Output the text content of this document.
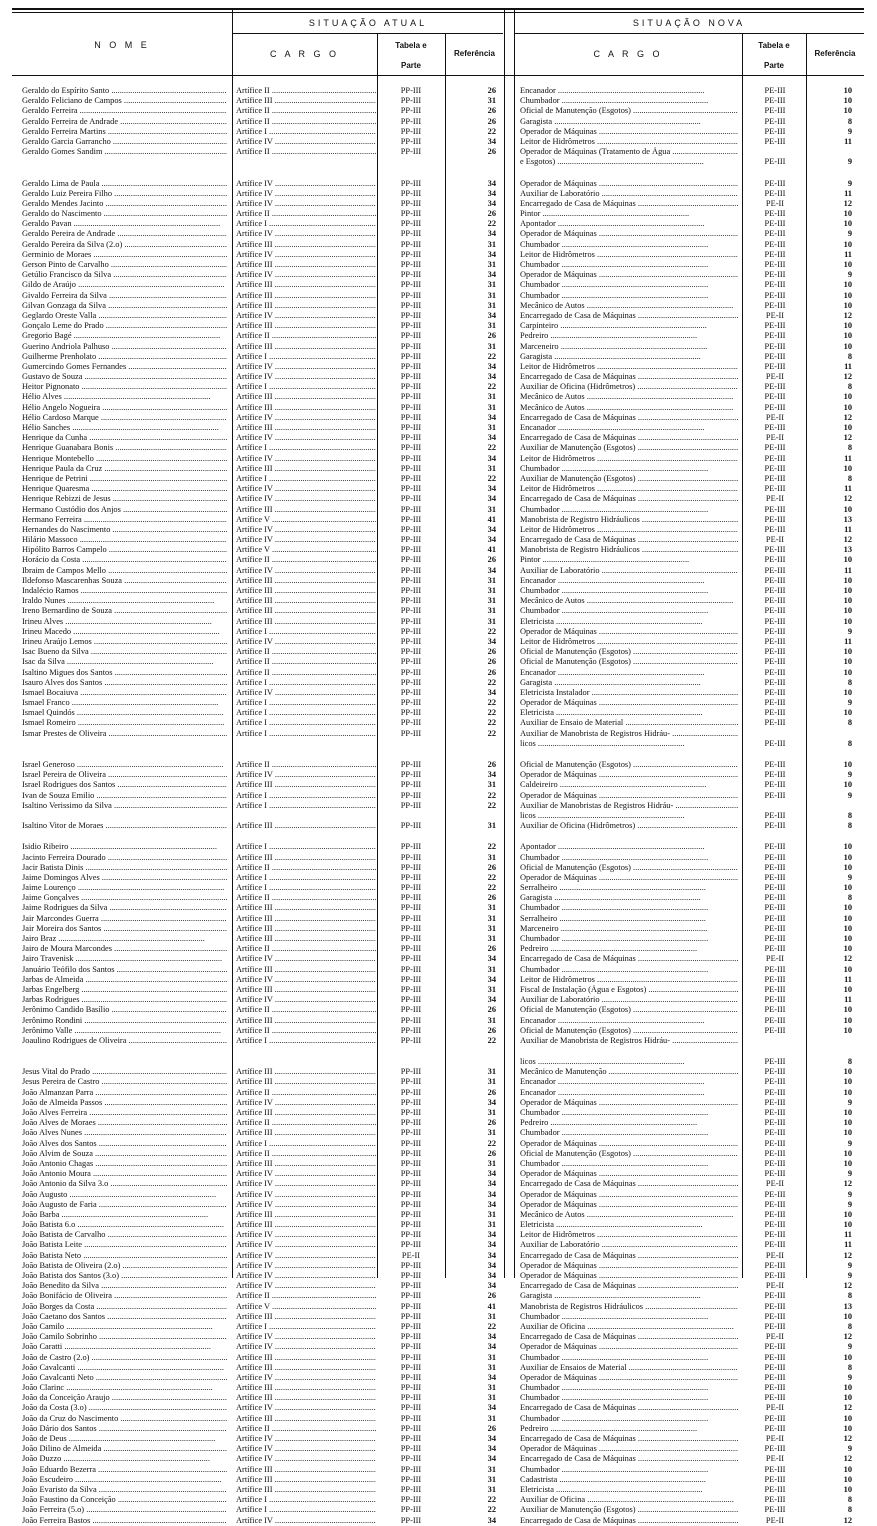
N O M E
SITUAÇÃO ATUAL	SITUAÇÃO NOVA
C A R G O
Tabela e
Parte
Referência	C A R G O
Tabela e
Parte
Referência
Geraldo do Espírito Santo .....	Artífice II .....	PP-III	26	Encanador .....	PE-III	10
Geraldo Feliciano de Campos .....	Artífice III .....	PP-III	31	Chumbador .....	PE-III	10
Geraldo Ferreira .....	Artífice II .....	PP-III	26	Oficial de Manutenção (Esgotos) .....	PE-III	10
Geraldo Ferreira de Andrade .....	Artífice II .....	PP-III	26	Garagista .....	PE-III	8
Geraldo Ferreira Martins .....	Artífice I .....	PP-III	22	Operador de Máquinas .....	PE-III	9
Geraldo Garcia Garrancho .....	Artífice IV .....	PP-III	34	Leitor de Hidrômetros .....	PE-III	11
Geraldo Gomes Sandim .....	Artífice II .....	PP-III	26	Operador de Máquinas (Tratamento de Água .....
e Esgotos) .....	PE-III	9
Geraldo Lima de Paula .....	Artífice IV .....	PP-III	34	Operador de Máquinas .....	PE-III	9
Geraldo Luiz Pereira Filho .....	Artífice IV .....	PP-III	34	Auxiliar de Laboratório .....	PE-III	11
Geraldo Mendes Jacinto .....	Artífice IV .....	PP-III	34	Encarregado de Casa de Máquinas .....	PE-II	12
Geraldo do Nascimento .....	Artífice II .....	PP-III	26	Pintor .....	PE-III	10
Geraldo Pavan .....	Artífice I .....	PP-III	22	Apontador .....	PE-III	10
Geraldo Pereira de Andrade .....	Artífice IV .....	PP-III	34	Operador de Máquinas .....	PE-III	9
Geraldo Pereira da Silva (2.o) .....	Artífice III .....	PP-III	31	Chumbador .....	PE-III	10
Germinio de Moraes .....	Artífice IV .....	PP-III	34	Leitor de Hidrômetros .....	PE-III	11
Gerson Pinto de Carvalho .....	Artífice III .....	PP-III	31	Chumbador .....	PE-III	10
Getúlio Francisco da Silva .....	Artífice IV .....	PP-III	34	Operador de Máquinas .....	PE-III	9
Gildo de Araújo .....	Artífice III .....	PP-III	31	Chumbador .....	PE-III	10
Givaldo Ferreira da Silva .....	Artífice III .....	PP-III	31	Chumbador .....	PE-III	10
Gilvan Gonzaga da Silva .....	Artífice III .....	PP-III	31	Mecânico de Autos .....	PE-III	10
Geglardo Oreste Valla .....	Artífice IV .....	PP-III	34	Encarregado de Casa de Máquinas .....	PE-II	12
Gonçalo Leme do Prado .....	Artífice III .....	PP-III	31	Carpinteiro .....	PE-III	10
Gregorio Bagé .....	Artífice II .....	PP-III	26	Pedreiro .....	PE-III	10
Guerino Andriola Palhuso .....	Artífice III .....	PP-III	31	Marceneiro .....	PE-III	10
Guilherme Prenholato .....	Artífice I .....	PP-III	22	Garagista .....	PE-III	8
Gumercindo Gomes Fernandes .....	Artífice IV .....	PP-III	34	Leitor de Hidrômetros .....	PE-III	11
Gustavo de Souza .....	Artífice IV .....	PP-III	34	Encarregado de Casa de Máquinas .....	PE-II	12
Heitor Pignonato .....	Artífice I .....	PP-III	22	Auxiliar de Oficina (Hidrômetros) .....	PE-III	8
Hélio Alves .....	Artífice III .....	PP-III	31	Mecânico de Autos .....	PE-III	10
Hélio Angelo Nogueira .....	Artífice III .....	PP-III	31	Mecânico de Autos .....	PE-III	10
Hélio Cardoso Marque .....	Artífice IV .....	PP-III	34	Encarregado de Casa de Máquinas .....	PE-II	12
Hélio Sanches .....	Artífice III .....	PP-III	31	Encanador .....	PE-III	10
Henrique da Cunha .....	Artífice IV .....	PP-III	34	Encarregado de Casa de Máquinas .....	PE-II	12
Henrique Guanabara Bonis .....	Artífice I .....	PP-III	22	Auxiliar de Manutenção (Esgotos) .....	PE-III	8
Henrique Montebello .....	Artífice IV .....	PP-III	34	Leitor de Hidrômetros .....	PE-III	11
Henrique Paula da Cruz .....	Artífice III .....	PP-III	31	Chumbador .....	PE-III	10
Henrique de Petrini .....	Artífice I .....	PP-III	22	Auxiliar de Manutenção (Esgotos) .....	PE-III	8
Henrique Quaresma .....	Artífice IV .....	PP-III	34	Leitor de Hidrômetros .....	PE-III	11
Henrique Rebizzi de Jesus .....	Artífice IV .....	PP-III	34	Encarregado de Casa de Máquinas .....	PE-II	12
Hermano Custódio dos Anjos .....	Artífice III .....	PP-III	31	Chumbador .....	PE-III	10
Hermano Ferreira .....	Artífice V .....	PP-III	41	Manobrista de Registro Hidráulicos .....	PE-III	13
Hernandes do Nascimento .....	Artífice IV .....	PP-III	34	Leitor de Hidrômetros .....	PE-III	11
Hilário Massoco .....	Artífice IV .....	PP-III	34	Encarregado de Casa de Máquinas .....	PE-II	12
Hipólito Barros Campelo .....	Artífice V .....	PP-III	41	Manobrista de Registro Hidráulicos .....	PE-III	13
Horácio da Costa .....	Artífice II .....	PP-III	26	Pintor .....	PE-III	10
Ibraim de Campos Mello .....	Artífice IV .....	PP-III	34	Auxiliar de Laboratório .....	PE-III	11
Ildefonso Mascarenhas Souza .....	Artífice III .....	PP-III	31	Encanador .....	PE-III	10
Indalécio Ramos .....	Artífice III .....	PP-III	31	Chumbador .....	PE-III	10
Iraldo Nunes .....	Artífice III .....	PP-III	31	Mecânico de Autos .....	PE-III	10
Ireno Bernardino de Souza .....	Artífice III .....	PP-III	31	Chumbador .....	PE-III	10
Irineu Alves .....	Artífice III .....	PP-III	31	Eletricista .....	PE-III	10
Irineu Macedo .....	Artífice I .....	PP-III	22	Operador de Máquinas .....	PE-III	9
Irineu Araújo Lemos .....	Artífice IV .....	PP-III	34	Leitor de Hidrômetros .....	PE-III	11
Isac Bueno da Silva .....	Artífice II .....	PP-III	26	Oficial de Manutenção (Esgotos) .....	PE-III	10
Isac da Silva .....	Artífice II .....	PP-III	26	Oficial de Manutenção (Esgotos) .....	PE-III	10
Isaltino Migues dos Santos .....	Artífice II .....	PP-III	26	Encanador .....	PE-III	10
Isauro Alves dos Santos .....	Artífice I .....	PP-III	22	Garagista .....	PE-III	8
Ismael Bocaiuva .....	Artífice IV .....	PP-III	34	Eletricista Instalador .....	PE-III	10
Ismael Franco .....	Artífice I .....	PP-III	22	Operador de Máquinas .....	PE-III	9
Ismael Quindós .....	Artífice I .....	PP-III	22	Eletricista .....	PE-III	10
Ismael Romeiro .....	Artífice I .....	PP-III	22	Auxiliar de Ensaio de Material .....	PE-III	8
Ismar Prestes de Oliveira .....	Artífice I .....	PP-III	22	Auxiliar de Manobrista de Registros Hidráu- .....
licos .....	PE-III	8
Israel Generoso .....	Artífice II .....	PP-III	26	Oficial de Manutenção (Esgotos) .....	PE-III	10
Israel Pereira de Oliveira .....	Artífice IV .....	PP-III	34	Operador de Máquinas .....	PE-III	9
Israel Rodrigues dos Santos .....	Artífice III .....	PP-III	31	Caldeireiro .....	PE-III	10
Ivan de Souza Emilio .....	Artífice I .....	PP-III	22	Operador de Máquinas .....	PE-III	9
Isaltino Verissimo da Silva .....	Artífice I .....	PP-III	22	Auxiliar de Manobristas de Registros Hidráu- .....
licos .....	PE-III	8
Isaltino Vitor de Moraes .....	Artífice III .....	PP-III	31	Auxiliar de Oficina (Hidrômetros) .....	PE-III	8
Isidio Ribeiro .....	Artífice I .....	PP-III	22	Apontador .....	PE-III	10
Jacinto Ferreira Dourado .....	Artífice III .....	PP-III	31	Chumbador .....	PE-III	10
Jacir Batista Dinis .....	Artífice II .....	PP-III	26	Oficial de Manutenção (Esgotos) .....	PE-III	10
Jaime Domingos Alves .....	Artífice I .....	PP-III	22	Operador de Máquinas .....	PE-III	9
Jaime Lourenço .....	Artífice I .....	PP-III	22	Serralheiro .....	PE-III	10
Jaime Gonçalves .....	Artífice II .....	PP-III	26	Garagista .....	PE-III	8
Jaime Rodrigues da Silva .....	Artífice III .....	PP-III	31	Chumbador .....	PE-III	10
Jair Marcondes Guerra .....	Artífice III .....	PP-III	31	Serralheiro .....	PE-III	10
Jair Moreira dos Santos .....	Artífice III .....	PP-III	31	Marceneiro .....	PE-III	10
Jairo Braz .....	Artífice III .....	PP-III	31	Chumbador .....	PE-III	10
Jairo de Moura Marcondes .....	Artífice II .....	PP-III	26	Pedreiro .....	PE-III	10
Jairo Travenisk .....	Artífice IV .....	PP-III	34	Encarregado de Casa de Máquinas .....	PE-II	12
Januário Teófilo dos Santos .....	Artífice III .....	PP-III	31	Chumbador .....	PE-III	10
Jarbas de Almeida .....	Artífice IV .....	PP-III	34	Leitor de Hidrômetros .....	PE-III	11
Jarbas Engelberg .....	Artífice III .....	PP-III	31	Fiscal de Instalação (Água e Esgotos) .....	PE-III	10
Jarbas Rodrigues .....	Artífice IV .....	PP-III	34	Auxiliar de Laboratório .....	PE-III	11
Jerônimo Candido Basílio .....	Artífice II .....	PP-III	26	Oficial de Manutenção (Esgotos) .....	PE-III	10
Jerônimo Rondini .....	Artífice III .....	PP-III	31	Encanador .....	PE-III	10
Jerônimo Valle .....	Artífice II .....	PP-III	26	Oficial de Manutenção (Esgotos) .....	PE-III	10
Joaulino Rodrigues de Oliveira .....	Artífice I .....	PP-III	22	Auxiliar de Manobrista de Registros Hidráu- .....
licos .....	PE-III	8
Jesus Vital do Prado .....	Artífice III .....	PP-III	31	Mecânico de Manutenção .....	PE-III	10
Jesus Pereira de Castro .....	Artífice III .....	PP-III	31	Encanador .....	PE-III	10
João Almanzan Parra .....	Artífice II .....	PP-III	26	Encanador .....	PE-III	10
João de Almeida Passos .....	Artífice IV .....	PP-III	34	Operador de Máquinas .....	PE-III	9
João Alves Ferreira .....	Artífice III .....	PP-III	31	Chumbador .....	PE-III	10
João Alves de Moraes .....	Artífice II .....	PP-III	26	Pedreiro .....	PE-III	10
João Alves Nunes .....	Artífice III .....	PP-III	31	Chumbador .....	PE-III	10
João Alves dos Santos .....	Artífice I .....	PP-III	22	Operador de Máquinas .....	PE-III	9
João Alvim de Souza .....	Artífice II .....	PP-III	26	Oficial de Manutenção (Esgotos) .....	PE-III	10
João Antonio Chagas .....	Artífice III .....	PP-III	31	Chumbador .....	PE-III	10
João Antonio Moura .....	Artífice IV .....	PP-III	34	Operador de Máquinas .....	PE-III	9
João Antonio da Silva 3.o .....	Artífice IV .....	PP-III	34	Encarregado de Casa de Máquinas .....	PE-II	12
João Augusto .....	Artífice IV .....	PP-III	34	Operador de Máquinas .....	PE-III	9
João Augusto de Faria .....	Artífice IV .....	PP-III	34	Operador de Máquinas .....	PE-III	9
João Barba .....	Artífice III .....	PP-III	31	Mecânico de Autos .....	PE-III	10
João Batista 6.o .....	Artífice III .....	PP-III	31	Eletricista .....	PE-III	10
João Batista de Carvalho .....	Artífice IV .....	PP-III	34	Leitor de Hidrômetros .....	PE-III	11
João Batista Leite .....	Artífice IV .....	PP-III	34	Auxiliar de Laboratório .....	PE-III	11
João Batista Neto .....	Artífice IV .....	PE-II	34	Encarregado de Casa de Máquinas .....	PE-II	12
João Batista de Oliveira (2.o) .....	Artífice IV .....	PP-III	34	Operador de Máquinas .....	PE-III	9
João Batista dos Santos (3.o) .....	Artífice IV .....	PP-III	34	Operador de Máquinas .....	PE-III	9
João Benedito da Silva .....	Artífice IV .....	PP-III	34	Encarregado de Casa de Máquinas .....	PE-II	12
João Bonifácio de Oliveira .....	Artífice II .....	PP-III	26	Garagista .....	PE-III	8
João Borges da Costa .....	Artífice V .....	PP-III	41	Manobrista de Registros Hidráulicos .....	PE-III	13
João Caetano dos Santos .....	Artífice III .....	PP-III	31	Chumbador .....	PE-III	10
João Camilo .....	Artífice I .....	PP-III	22	Auxiliar de Oficina .....	PE-III	8
João Camilo Sobrinho .....	Artífice IV .....	PP-III	34	Encarregado de Casa de Máquinas .....	PE-II	12
João Caratti .....	Artífice IV .....	PP-III	34	Operador de Máquinas .....	PE-III	9
João de Castro (2.o) .....	Artífice III .....	PP-III	31	Chumbador .....	PE-III	10
João Cavalcanti .....	Artífice III .....	PP-III	31	Auxiliar de Ensaios de Material .....	PE-III	8
João Cavalcanti Neto .....	Artífice IV .....	PP-III	34	Operador de Máquinas .....	PE-III	9
João Clarinc .....	Artífice III .....	PP-III	31	Chumbador .....	PE-III	10
João da Conceição Araujo .....	Artífice III .....	PP-III	31	Chumbador .....	PE-III	10
João da Costa (3.o) .....	Artífice IV .....	PP-III	34	Encarregado de Casa de Máquinas .....	PE-II	12
João da Cruz do Nascimento .....	Artífice III .....	PP-III	31	Chumbador .....	PE-III	10
João Dário dos Santos .....	Artífice II .....	PP-III	26	Pedreiro .....	PE-III	10
João de Deus .....	Artífice IV .....	PP-III	34	Encarregado de Casa de Máquinas .....	PE-II	12
João Dilino de Almeida .....	Artífice IV .....	PP-III	34	Operador de Máquinas .....	PE-III	9
João Duzzo .....	Artífice IV .....	PP-III	34	Encarregado de Casa de Máquinas .....	PE-II	12
João Eduardo Bezerra .....	Artífice III .....	PP-III	31	Chumbador .....	PE-III	10
João Escudeiro .....	Artífice III .....	PP-III	31	Cadastrista .....	PE-III	10
João Evaristo da Silva .....	Artífice III .....	PP-III	31	Eletricista .....	PE-III	10
João Faustino da Conceição .....	Artífice I .....	PP-III	22	Auxiliar de Oficina .....	PE-III	8
João Ferreira (5.o) .....	Artífice I .....	PP-III	22	Auxiliar de Manutenção (Esgotos) .....	PE-III	8
João Ferreira Bastos .....	Artífice IV .....	PP-III	34	Encarregado de Casa de Máquinas .....	PE-II	12
